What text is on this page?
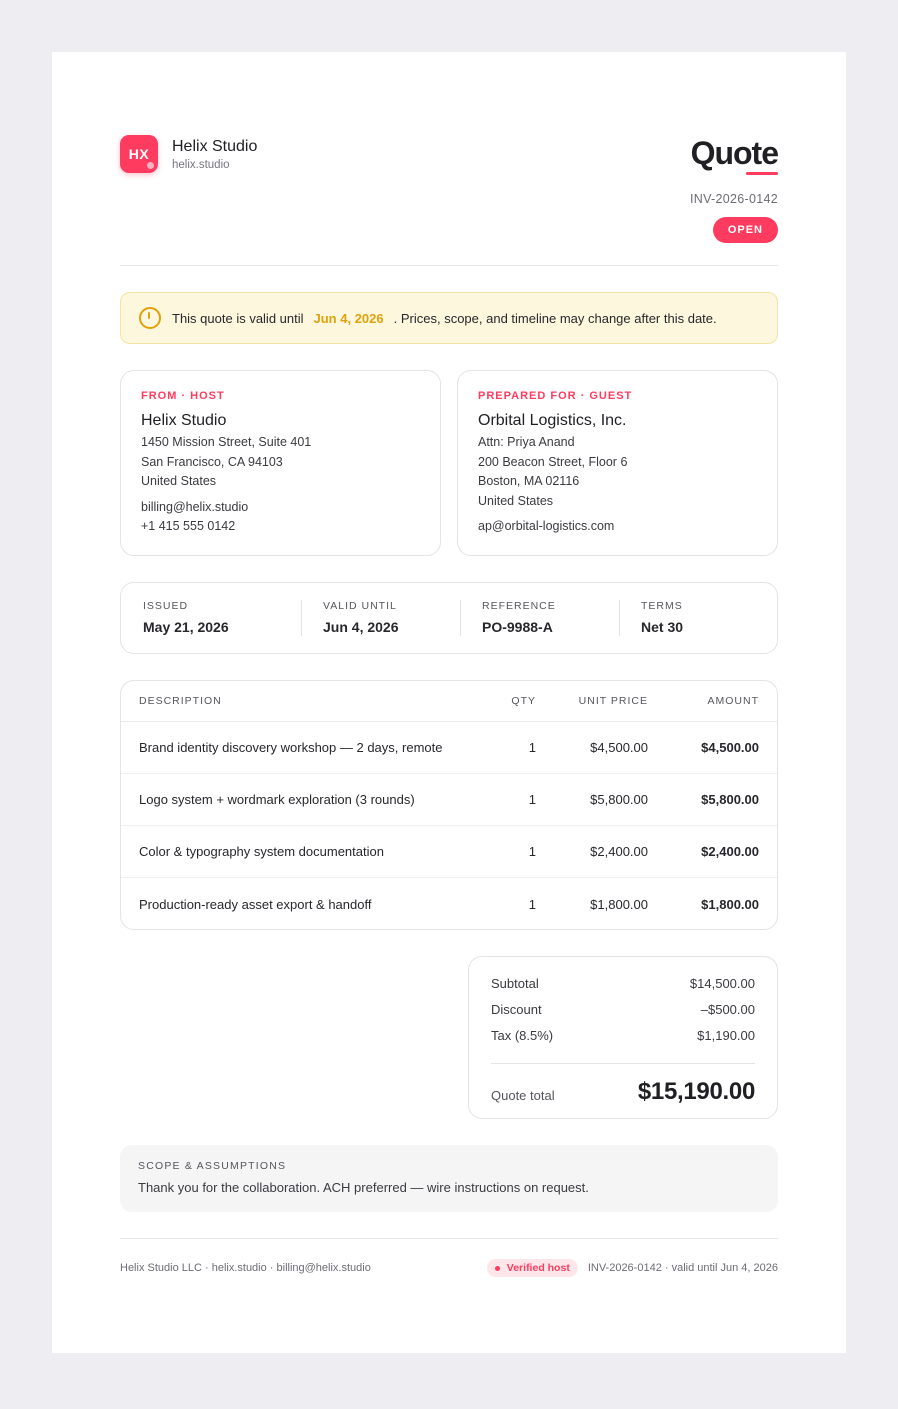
HX Helix Studio
helix.studio	Quote
INV-2026-0142
OPEN
This quote is valid until Jun 4, 2026 . Prices, scope, and timeline may change after this date.
FROM · HOST
Helix Studio
1450 Mission Street, Suite 401
San Francisco, CA 94103
United States
billing@helix.studio
+1 415 555 0142
PREPARED FOR · GUEST
Orbital Logistics, Inc.
Attn: Priya Anand
200 Beacon Street, Floor 6
Boston, MA 02116
United States
ap@orbital-logistics.com
ISSUED
May 21, 2026
VALID UNTIL
Jun 4, 2026
REFERENCE
PO-9988-A
TERMS
Net 30
DESCRIPTION	QTY	UNIT PRICE	AMOUNT
Brand identity discovery workshop — 2 days, remote	1	$4,500.00	$4,500.00
Logo system + wordmark exploration (3 rounds)	1	$5,800.00	$5,800.00
Color & typography system documentation	1	$2,400.00	$2,400.00
Production-ready asset export & handoff	1	$1,800.00	$1,800.00
Subtotal	$14,500.00
Discount	–$500.00
Tax (8.5%)	$1,190.00
Quote total	$15,190.00
SCOPE & ASSUMPTIONS
Thank you for the collaboration. ACH preferred — wire instructions on request.
Helix Studio LLC · helix.studio · billing@helix.studio	Verified host INV-2026-0142 · valid until Jun 4, 2026
